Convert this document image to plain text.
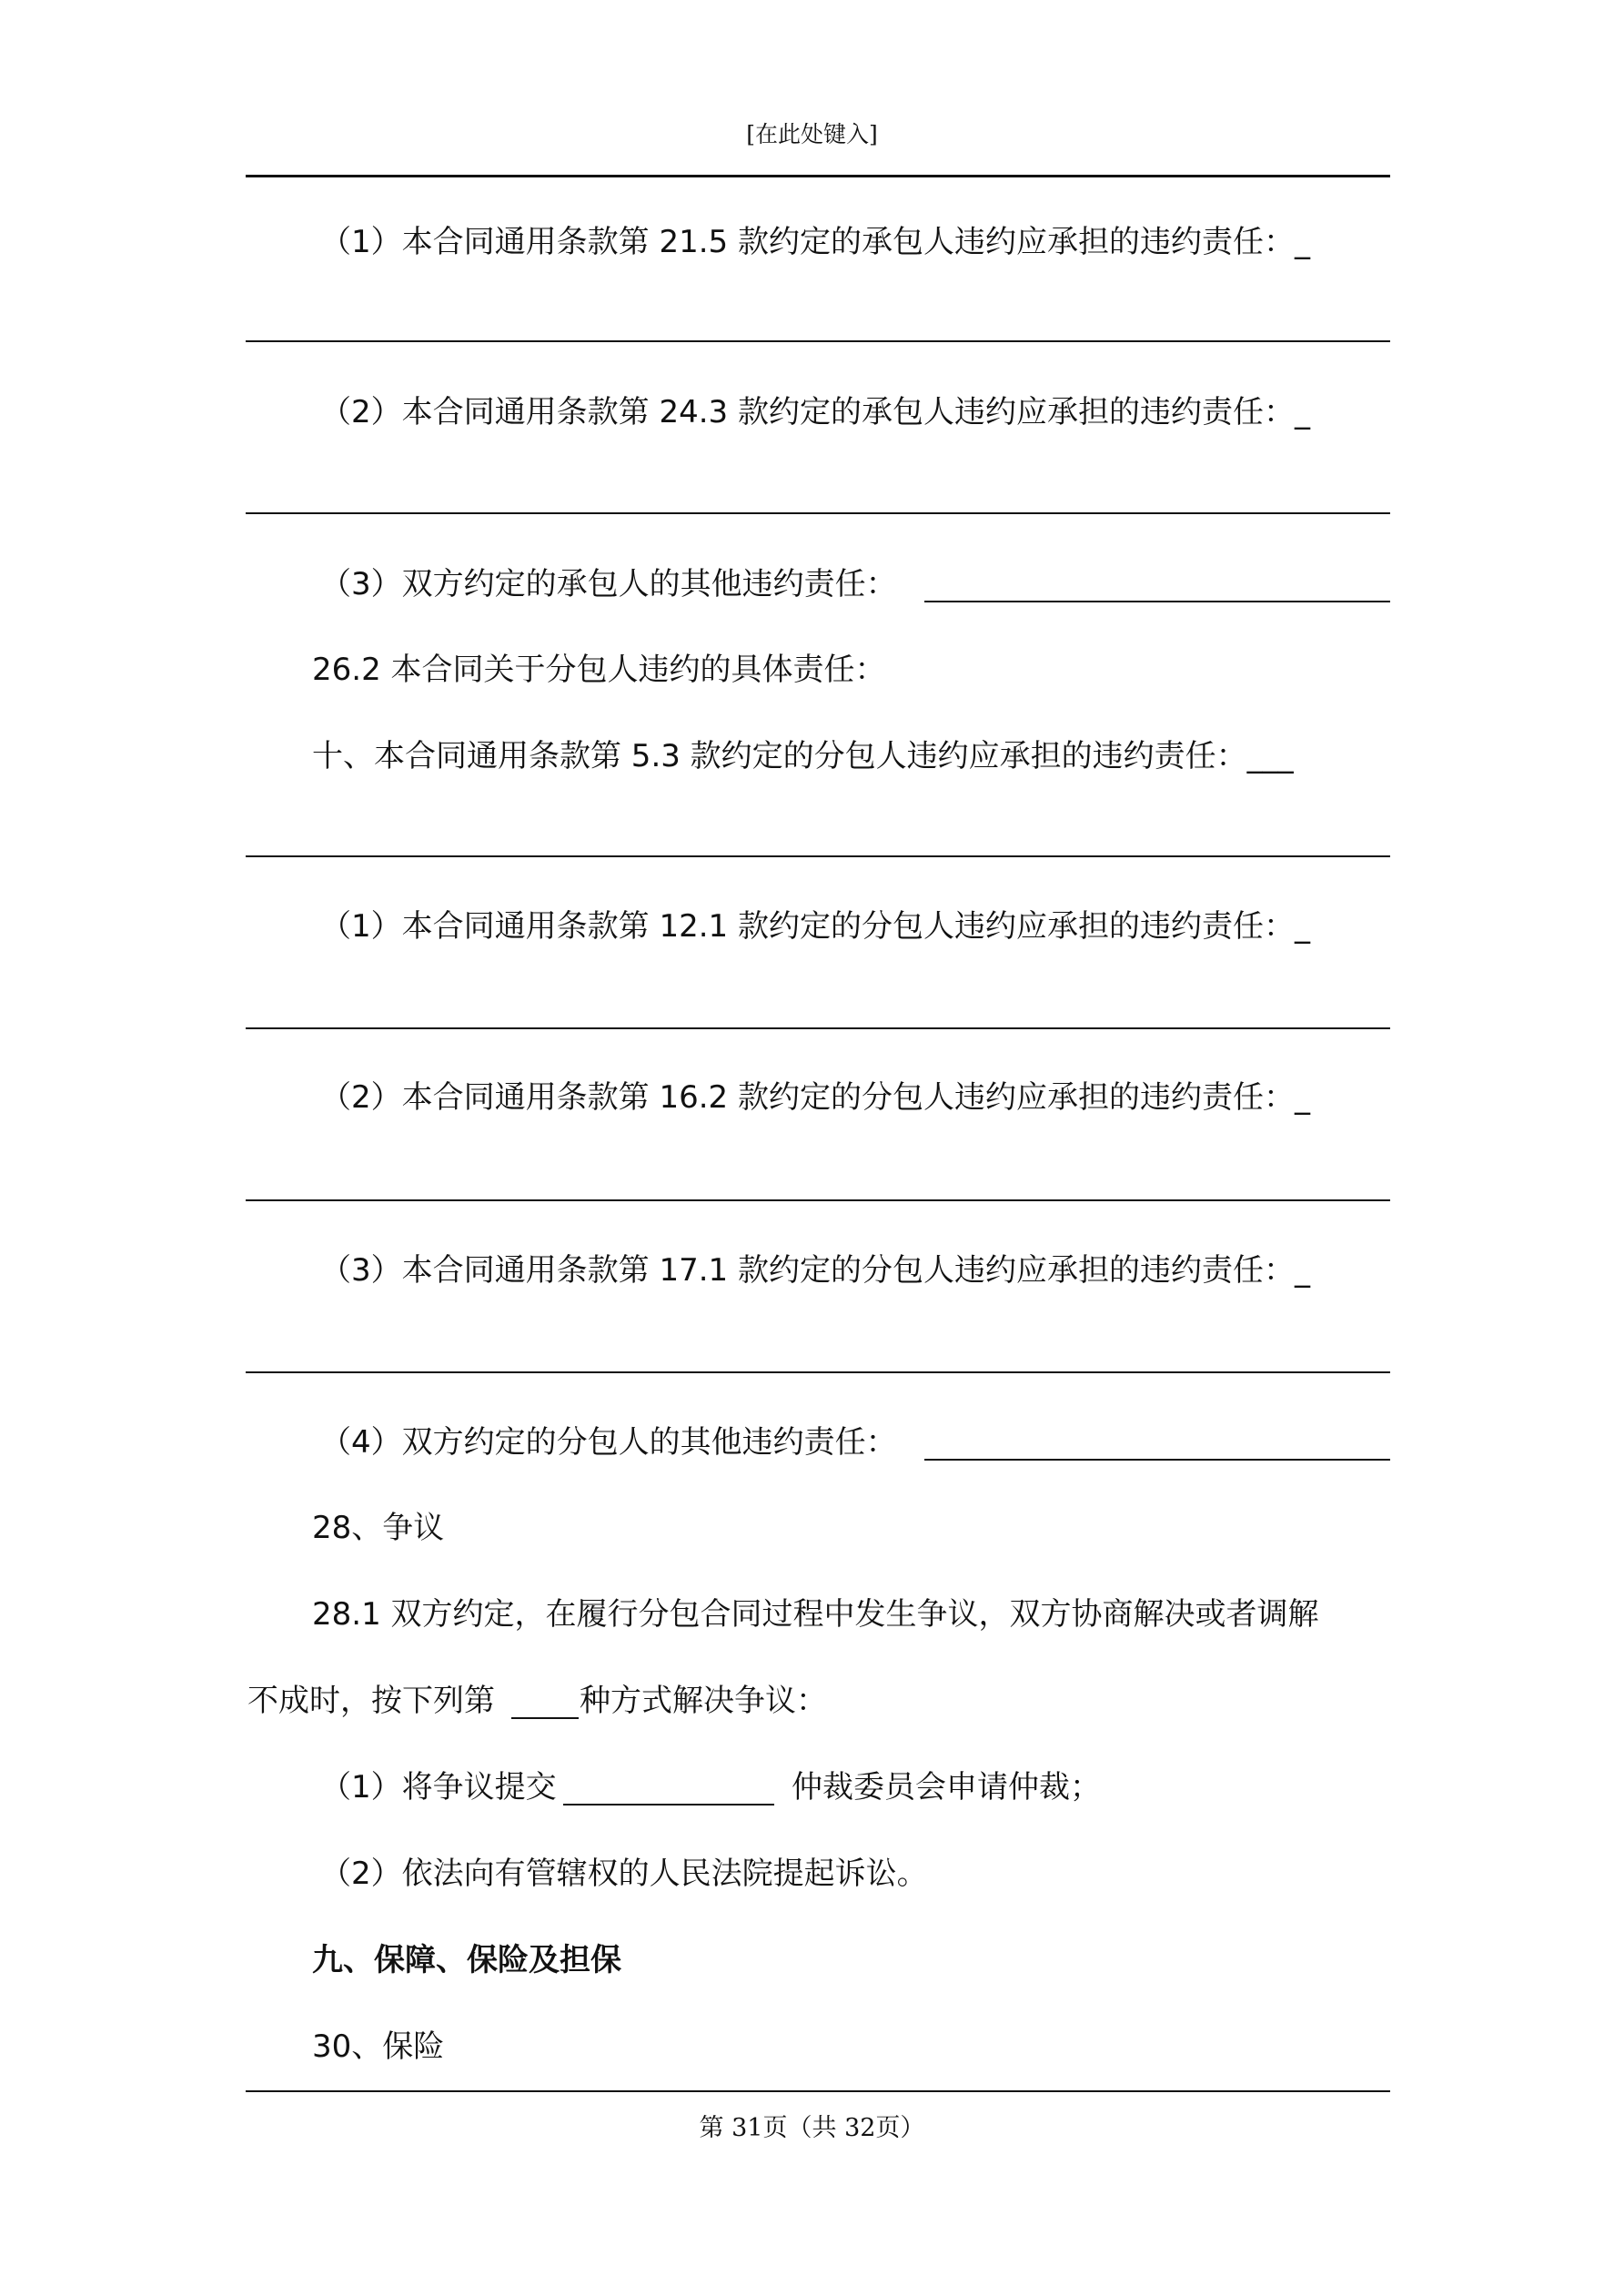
[在此处键入]
（1）本合同通用条款第 21.5 款约定的承包人违约应承担的违约责任：_
（2）本合同通用条款第 24.3 款约定的承包人违约应承担的违约责任：_
（3）双方约定的承包人的其他违约责任：
26.2 本合同关于分包人违约的具体责任：
十、本合同通用条款第 5.3 款约定的分包人违约应承担的违约责任：___
（1）本合同通用条款第 12.1 款约定的分包人违约应承担的违约责任：_
（2）本合同通用条款第 16.2 款约定的分包人违约应承担的违约责任：_
（3）本合同通用条款第 17.1 款约定的分包人违约应承担的违约责任：_
（4）双方约定的分包人的其他违约责任：
28、争议
28.1 双方约定，在履行分包合同过程中发生争议，双方协商解决或者调解
不成时，按下列第	种方式解决争议：
（1）将争议提交	仲裁委员会申请仲裁；
（2）依法向有管辖权的人民法院提起诉讼。
九、保障、保险及担保
30、保险
第 31页（共 32页）
